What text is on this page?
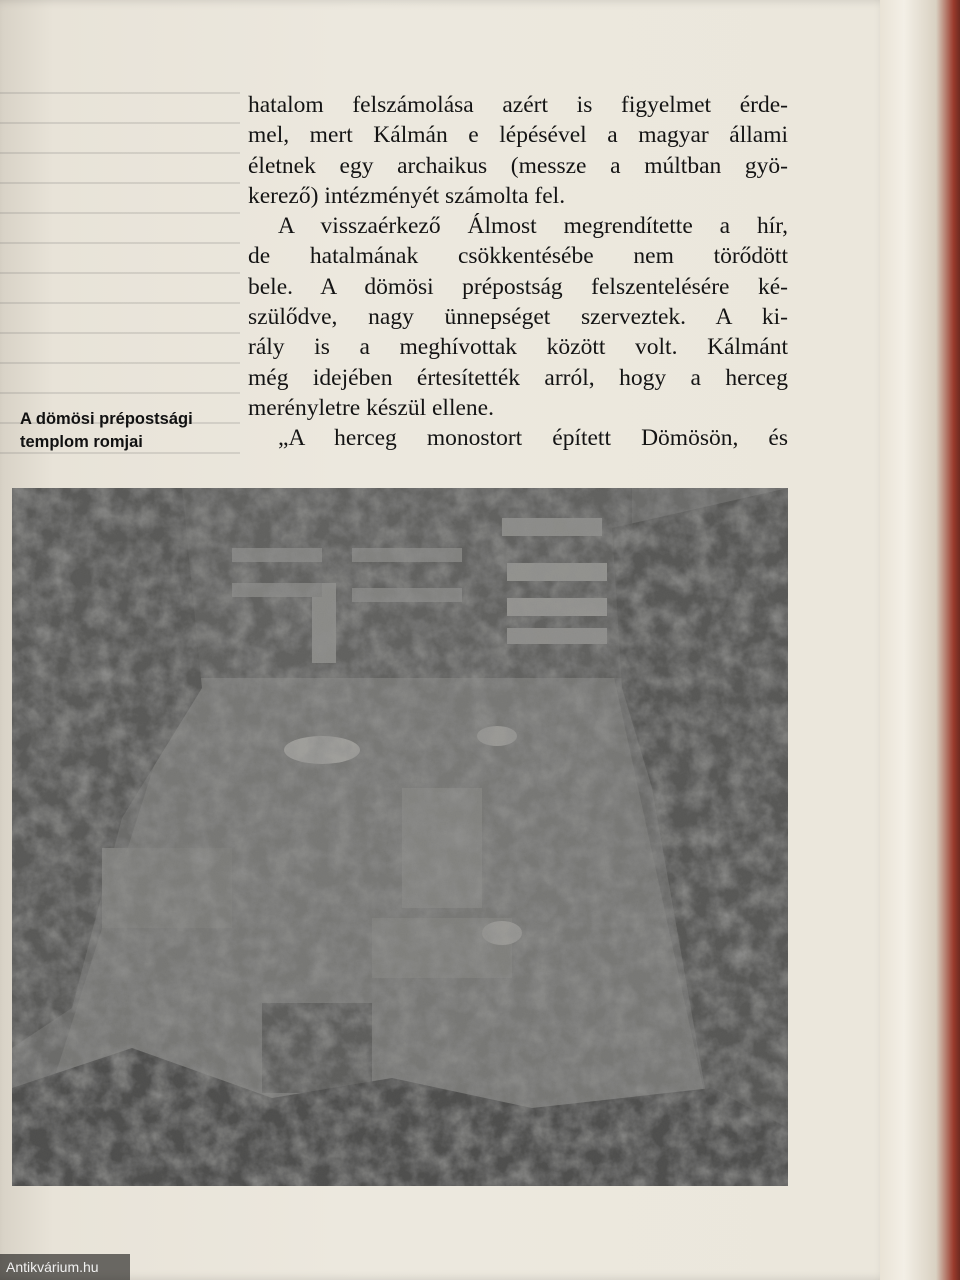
hatalom felszámolása azért is figyelmet érde-
mel, mert Kálmán e lépésével a magyar állami
életnek egy archaikus (messze a múltban gyö-
kerező) intézményét számolta fel.
A visszaérkező Álmost megrendítette a hír,
de hatalmának csökkentésébe nem törődött
bele. A dömösi prépostság felszentelésére ké-
szülődve, nagy ünnepséget szerveztek. A ki-
rály is a meghívottak között volt. Kálmánt
még idejében értesítették arról, hogy a herceg
merényletre készül ellene.
„A herceg monostort épített Dömösön, és
A dömösi prépostsági
templom romjai
Antikvárium.hu
